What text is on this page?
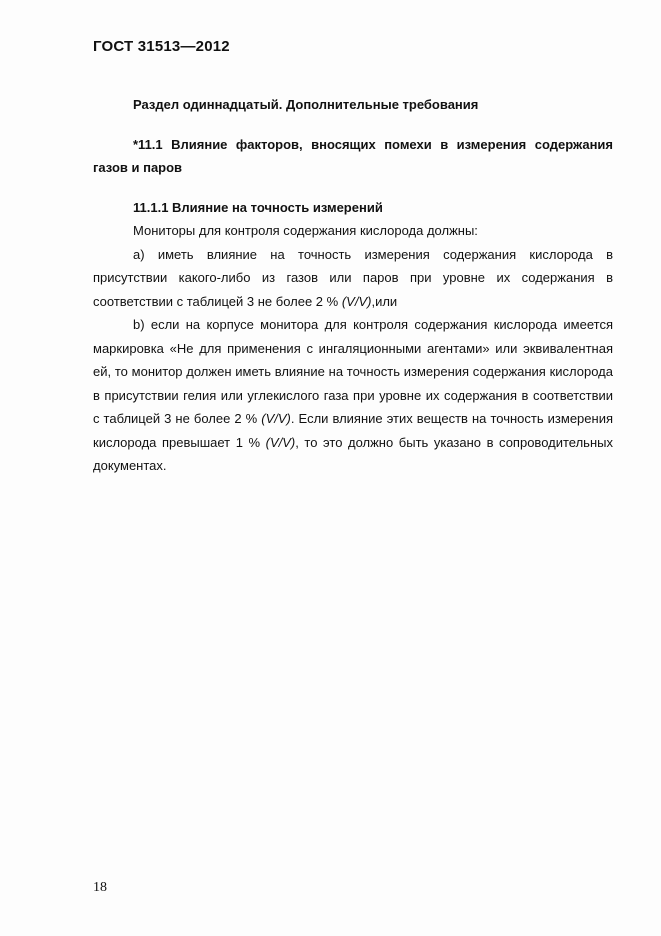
ГОСТ 31513—2012

Раздел одиннадцатый. Дополнительные требования

*11.1 Влияние факторов, вносящих помехи в измерения содержания газов и паров

11.1.1 Влияние на точность измерений

Мониторы для контроля содержания кислорода должны:

а) иметь влияние на точность измерения содержания кислорода в присутствии какого-либо из газов или паров при уровне их содержания в соответствии с таблицей 3 не более 2 % (V/V),или

b) если на корпусе монитора для контроля содержания кислорода имеется маркировка «Не для применения с ингаляционными агентами» или эквивалентная ей, то монитор должен иметь влияние на точность измерения содержания кислорода в присутствии гелия или углекислого газа при уровне их содержания в соответствии с таблицей 3 не более 2 % (V/V). Если влияние этих веществ на точность измерения кислорода превышает 1 % (V/V), то это должно быть указано в сопроводительных документах.

18
